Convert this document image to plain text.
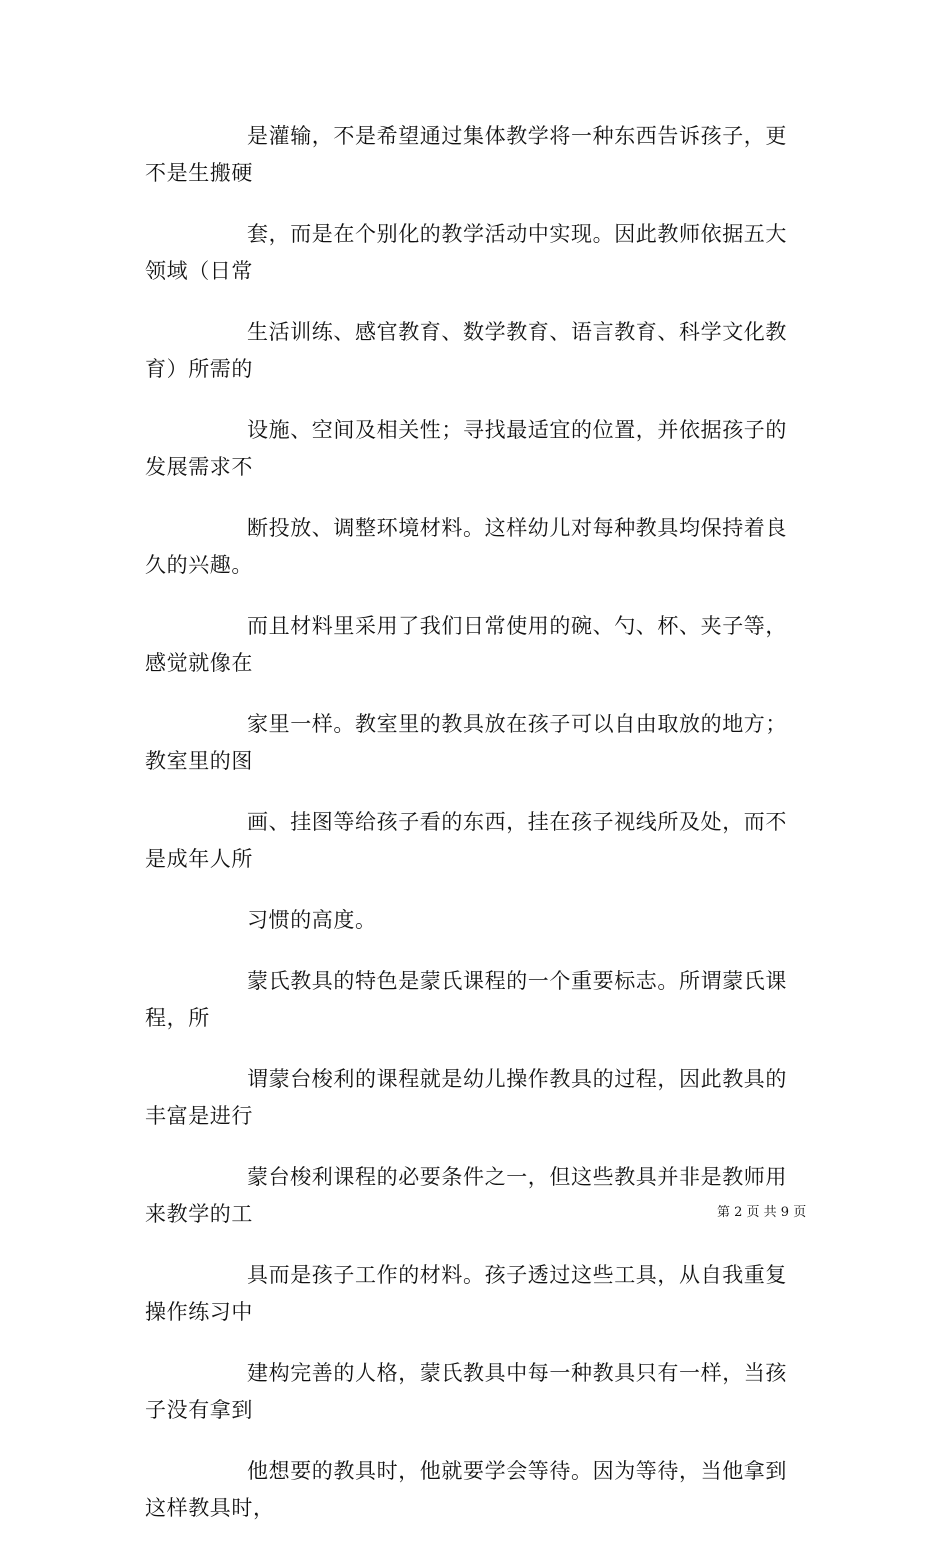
是灌输，不是希望通过集体教学将一种东西告诉孩子，更
不是生搬硬

套，而是在个别化的教学活动中实现。因此教师依据五大
领域（日常

生活训练、感官教育、数学教育、语言教育、科学文化教
育）所需的

设施、空间及相关性；寻找最适宜的位置，并依据孩子的
发展需求不

断投放、调整环境材料。这样幼儿对每种教具均保持着良
久的兴趣。

而且材料里采用了我们日常使用的碗、勺、杯、夹子等，
感觉就像在

家里一样。教室里的教具放在孩子可以自由取放的地方；
教室里的图

画、挂图等给孩子看的东西，挂在孩子视线所及处，而不
是成年人所

习惯的高度。

蒙氏教具的特色是蒙氏课程的一个重要标志。所谓蒙氏课
程，所

谓蒙台梭利的课程就是幼儿操作教具的过程，因此教具的
丰富是进行

蒙台梭利课程的必要条件之一，但这些教具并非是教师用
来教学的工

具而是孩子工作的材料。孩子透过这些工具，从自我重复
操作练习中

建构完善的人格，蒙氏教具中每一种教具只有一样，当孩
子没有拿到

他想要的教具时，他就要学会等待。因为等待，当他拿到
这样教具时，

第 2 页 共 9 页
